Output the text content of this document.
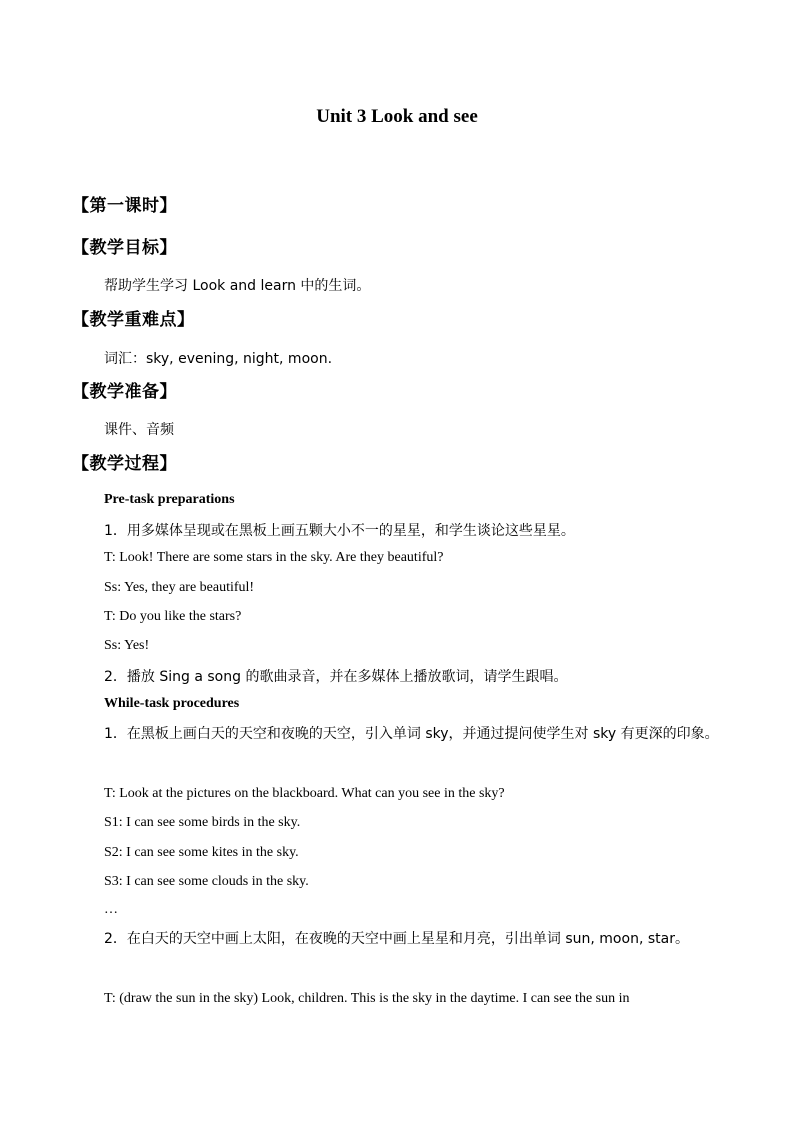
Unit 3 Look and see
【第一课时】
【教学目标】
帮助学生学习 Look and learn 中的生词。
【教学重难点】
词汇：sky, evening, night, moon.
【教学准备】
课件、音频
【教学过程】
Pre-task preparations
1．用多媒体呈现或在黑板上画五颗大小不一的星星，和学生谈论这些星星。
T: Look! There are some stars in the sky. Are they beautiful?
Ss: Yes, they are beautiful!
T: Do you like the stars?
Ss: Yes!
2．播放 Sing a song 的歌曲录音，并在多媒体上播放歌词，请学生跟唱。
While-task procedures
1．在黑板上画白天的天空和夜晚的天空，引入单词 sky，并通过提问使学生对 sky 有更深的印象。
T: Look at the pictures on the blackboard. What can you see in the sky?
S1: I can see some birds in the sky.
S2: I can see some kites in the sky.
S3: I can see some clouds in the sky.
…
2．在白天的天空中画上太阳，在夜晚的天空中画上星星和月亮，引出单词 sun, moon, star。
T: (draw the sun in the sky) Look, children. This is the sky in the daytime. I can see the sun in
